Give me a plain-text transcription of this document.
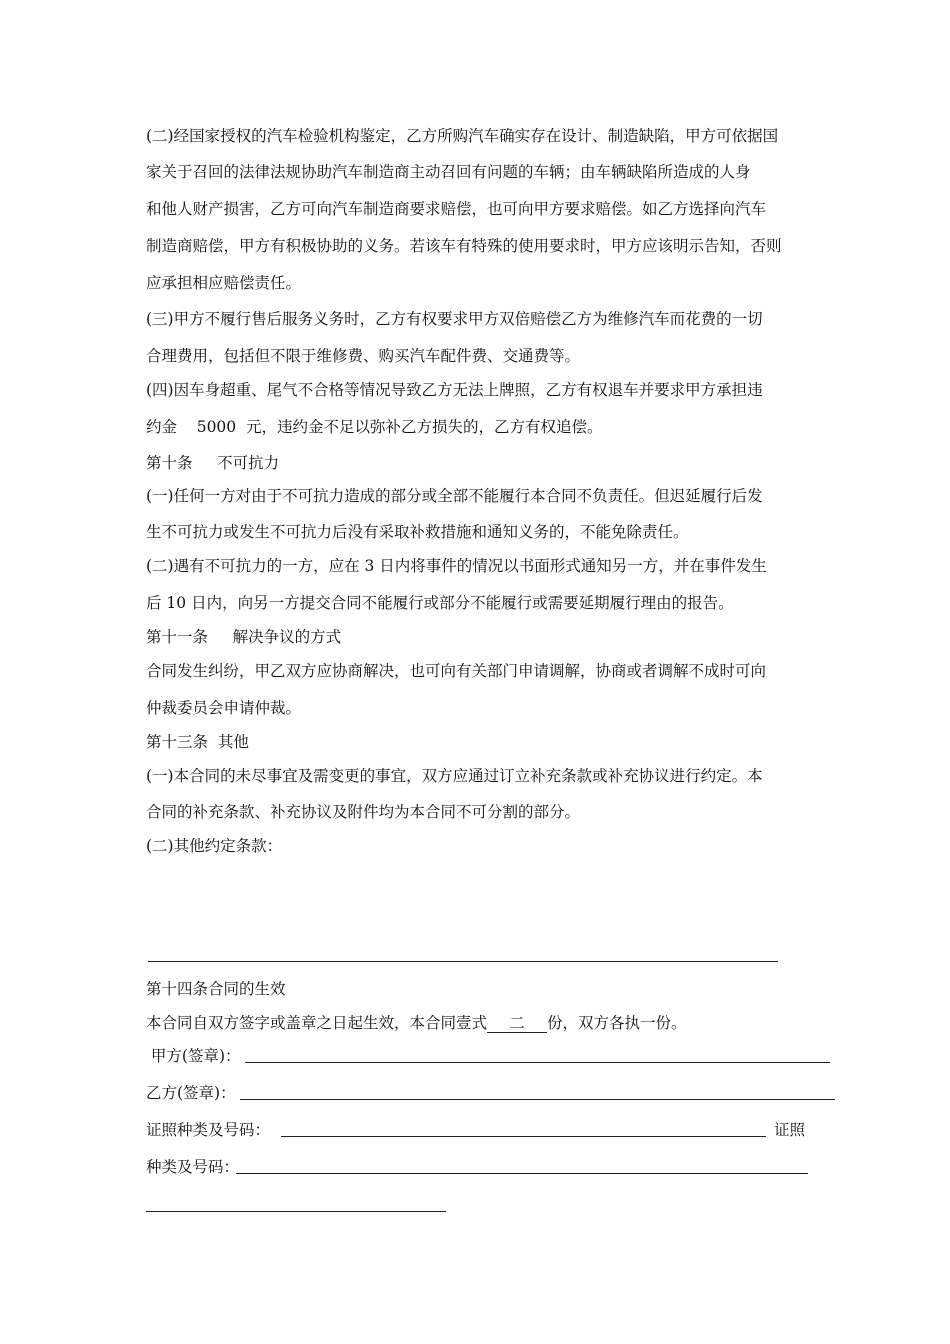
(二)经国家授权的汽车检验机构鉴定，乙方所购汽车确实存在设计、制造缺陷，甲方可依据国
家关于召回的法律法规协助汽车制造商主动召回有问题的车辆；由车辆缺陷所造成的人身
和他人财产损害，乙方可向汽车制造商要求赔偿，也可向甲方要求赔偿。如乙方选择向汽车
制造商赔偿，甲方有积极协助的义务。若该车有特殊的使用要求时，甲方应该明示告知，否则
应承担相应赔偿责任。
(三)甲方不履行售后服务义务时，乙方有权要求甲方双倍赔偿乙方为维修汽车而花费的一切
合理费用，包括但不限于维修费、购买汽车配件费、交通费等。
(四)因车身超重、尾气不合格等情况导致乙方无法上牌照，乙方有权退车并要求甲方承担违
约金    5000  元，违约金不足以弥补乙方损失的，乙方有权追偿。
第十条     不可抗力
(一)任何一方对由于不可抗力造成的部分或全部不能履行本合同不负责任。但迟延履行后发
生不可抗力或发生不可抗力后没有采取补救措施和通知义务的，不能免除责任。
(二)遇有不可抗力的一方，应在 3 日内将事件的情况以书面形式通知另一方，并在事件发生
后 10 日内，向另一方提交合同不能履行或部分不能履行或需要延期履行理由的报告。
第十一条     解决争议的方式
合同发生纠纷，甲乙双方应协商解决，也可向有关部门申请调解，协商或者调解不成时可向
仲裁委员会申请仲裁。
第十三条  其他
(一)本合同的未尽事宜及需变更的事宜，双方应通过订立补充条款或补充协议进行约定。本
合同的补充条款、补充协议及附件均为本合同不可分割的部分。
(二)其他约定条款：
第十四条合同的生效
本合同自双方签字或盖章之日起生效，本合同壹式 二 份，双方各执一份。
甲方(签章)：
乙方(签章)：
证照种类及号码：	证照
种类及号码：
